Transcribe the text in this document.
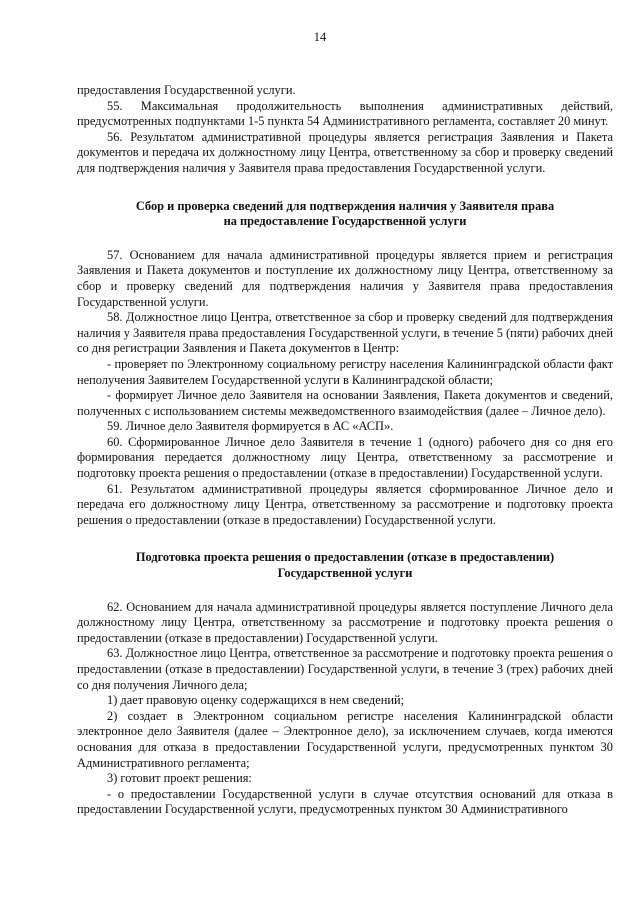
14

предоставления Государственной услуги.

55. Максимальная продолжительность выполнения административных действий, предусмотренных подпунктами 1-5 пункта 54 Административного регламента, составляет 20 минут.

56. Результатом административной процедуры является регистрация Заявления и Пакета документов и передача их должностному лицу Центра, ответственному за сбор и проверку сведений для подтверждения наличия у Заявителя права предоставления Государственной услуги.

Сбор и проверка сведений для подтверждения наличия у Заявителя права
на предоставление Государственной услуги

57. Основанием для начала административной процедуры является прием и регистрация Заявления и Пакета документов и поступление их должностному лицу Центра, ответственному за сбор и проверку сведений для подтверждения наличия у Заявителя права предоставления Государственной услуги.

58. Должностное лицо Центра, ответственное за сбор и проверку сведений для подтверждения наличия у Заявителя права предоставления Государственной услуги, в течение 5 (пяти) рабочих дней со дня регистрации Заявления и Пакета документов в Центр:

- проверяет по Электронному социальному регистру населения Калининградской области факт неполучения Заявителем Государственной услуги в Калининградской области;

- формирует Личное дело Заявителя на основании Заявления, Пакета документов и сведений, полученных с использованием системы межведомственного взаимодействия (далее – Личное дело).

59. Личное дело Заявителя формируется в АС «АСП».

60. Сформированное Личное дело Заявителя в течение 1 (одного) рабочего дня со дня его формирования передается должностному лицу Центра, ответственному за рассмотрение и подготовку проекта решения о предоставлении (отказе в предоставлении) Государственной услуги.

61. Результатом административной процедуры является сформированное Личное дело и передача его должностному лицу Центра, ответственному за рассмотрение и подготовку проекта решения о предоставлении (отказе в предоставлении) Государственной услуги.

Подготовка проекта решения о предоставлении (отказе в предоставлении)
Государственной услуги

62. Основанием для начала административной процедуры является поступление Личного дела должностному лицу Центра, ответственному за рассмотрение и подготовку проекта решения о предоставлении (отказе в предоставлении) Государственной услуги.

63. Должностное лицо Центра, ответственное за рассмотрение и подготовку проекта решения о предоставлении (отказе в предоставлении) Государственной услуги, в течение 3 (трех) рабочих дней со дня получения Личного дела;

1) дает правовую оценку содержащихся в нем сведений;

2) создает в Электронном социальном регистре населения Калининградской области электронное дело Заявителя (далее – Электронное дело), за исключением случаев, когда имеются основания для отказа в предоставлении Государственной услуги, предусмотренных пунктом 30 Административного регламента;

3) готовит проект решения:

- о предоставлении Государственной услуги в случае отсутствия оснований для отказа в предоставлении Государственной услуги, предусмотренных пунктом 30 Административного
